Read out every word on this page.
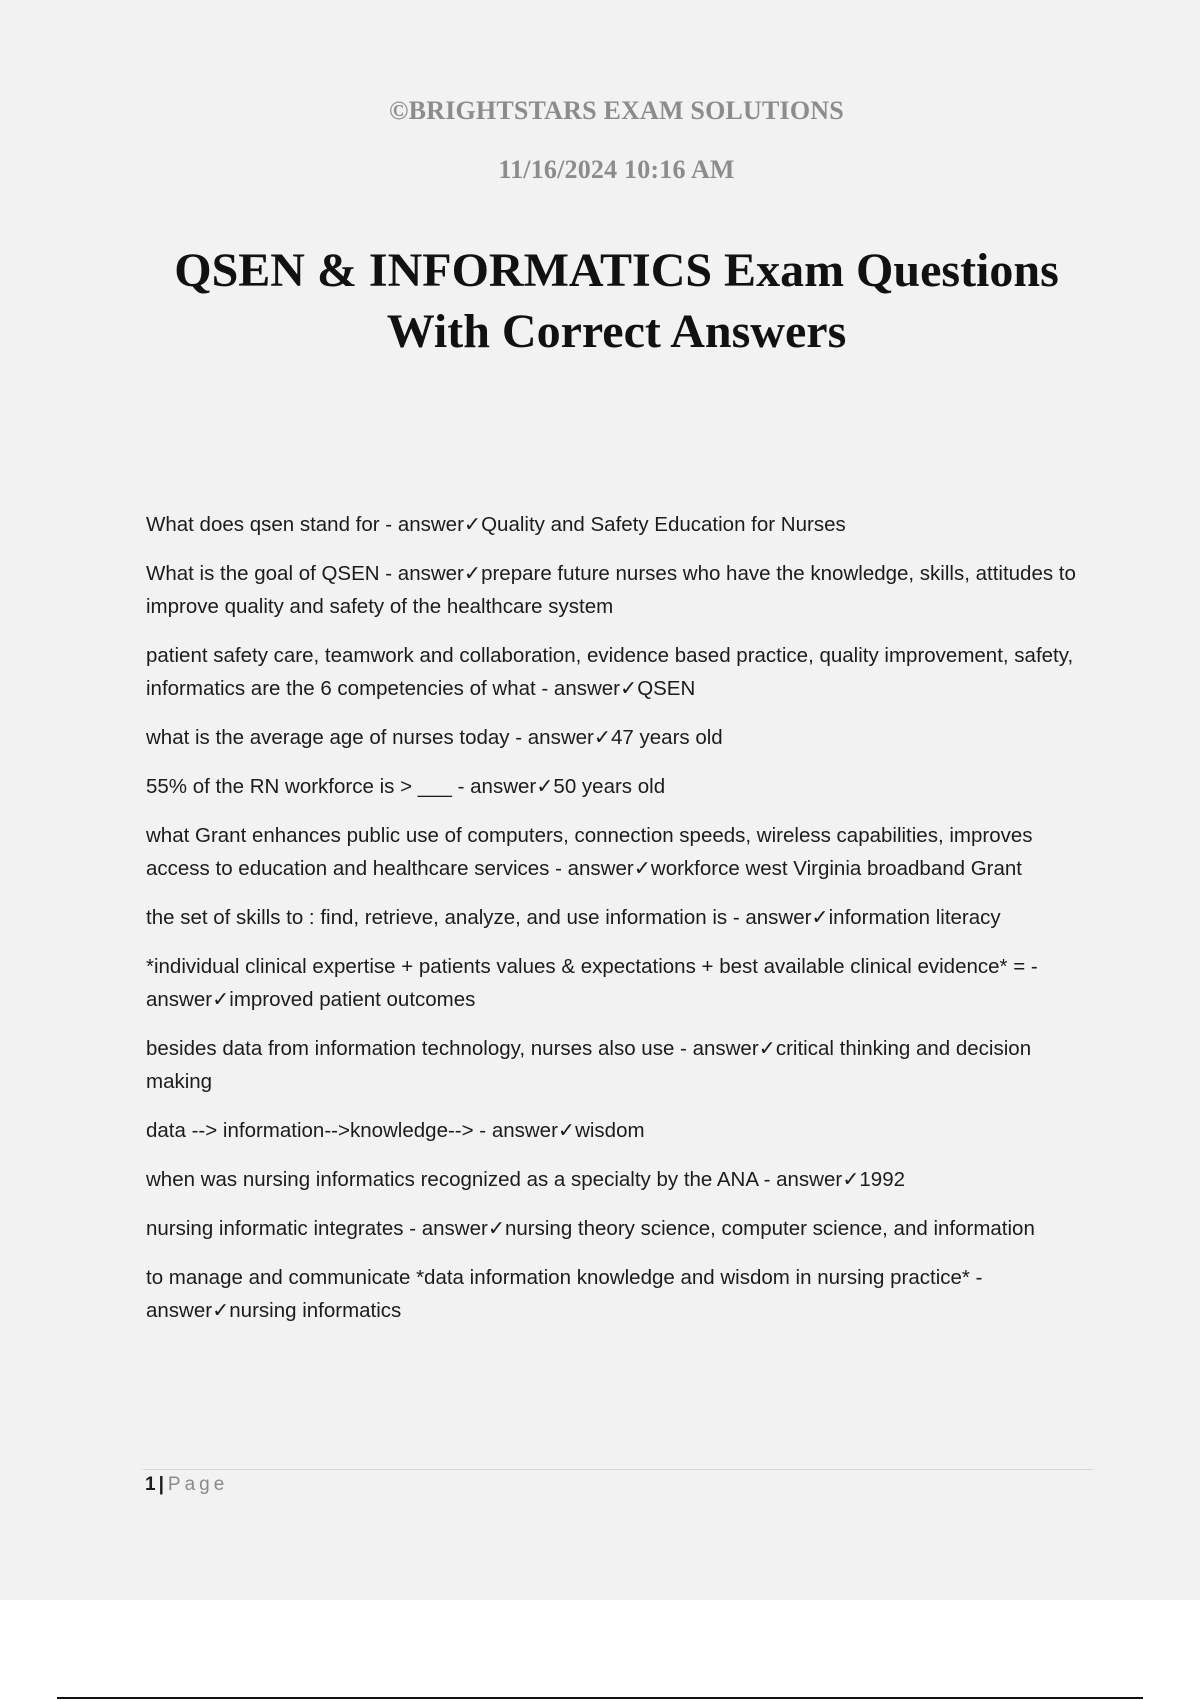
©BRIGHTSTARS EXAM SOLUTIONS
11/16/2024 10:16 AM
QSEN & INFORMATICS Exam Questions
With Correct Answers

What does qsen stand for - answer✓Quality and Safety Education for Nurses

What is the goal of QSEN - answer✓prepare future nurses who have the knowledge, skills, attitudes to improve quality and safety of the healthcare system

patient safety care, teamwork and collaboration, evidence based practice, quality improvement, safety, informatics are the 6 competencies of what - answer✓QSEN

what is the average age of nurses today - answer✓47 years old

55% of the RN workforce is > ___ - answer✓50 years old

what Grant enhances public use of computers, connection speeds, wireless capabilities, improves access to education and healthcare services - answer✓workforce west Virginia broadband Grant

the set of skills to : find, retrieve, analyze, and use information is - answer✓information literacy

*individual clinical expertise + patients values & expectations + best available clinical evidence* = - answer✓improved patient outcomes

besides data from information technology, nurses also use - answer✓critical thinking and decision making

data --> information-->knowledge--> - answer✓wisdom

when was nursing informatics recognized as a specialty by the ANA - answer✓1992

nursing informatic integrates - answer✓nursing theory science, computer science, and information

to manage and communicate *data information knowledge and wisdom in nursing practice* - answer✓nursing informatics

1 | Page
